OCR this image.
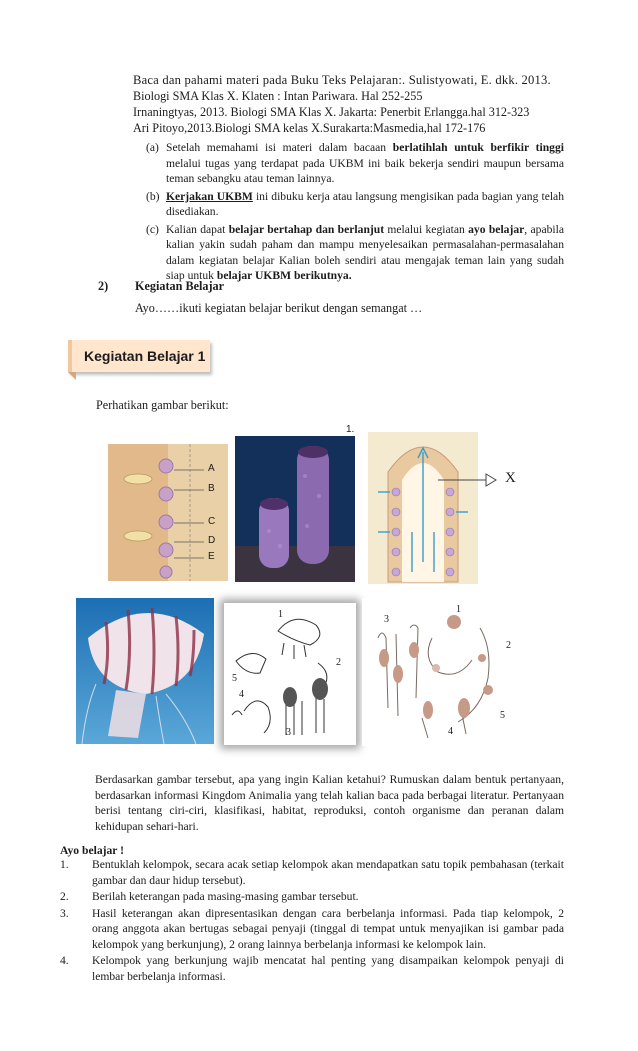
Baca dan pahami materi pada Buku Teks Pelajaran:. Sulistyowati, E. dkk. 2013.
Biologi SMA Klas X. Klaten : Intan Pariwara. Hal 252-255
Irnaningtyas, 2013. Biologi SMA Klas X. Jakarta: Penerbit Erlangga.hal 312-323
Ari Pitoyo,2013.Biologi SMA kelas X.Surakarta:Masmedia,hal 172-176
(a) Setelah memahami isi materi dalam bacaan berlatihlah untuk berfikir tinggi melalui tugas yang terdapat pada UKBM ini baik bekerja sendiri maupun bersama teman sebangku atau teman lainnya.
(b) Kerjakan UKBM ini dibuku kerja atau langsung mengisikan pada bagian yang telah disediakan.
(c) Kalian dapat belajar bertahap dan berlanjut melalui kegiatan ayo belajar, apabila kalian yakin sudah paham dan mampu menyelesaikan permasalahan-permasalahan dalam kegiatan belajar Kalian boleh sendiri atau mengajak teman lain yang sudah siap untuk belajar UKBM berikutnya.
2) Kegiatan Belajar
Ayo……ikuti kegiatan belajar berikut dengan semangat …
Kegiatan Belajar 1
Perhatikan gambar berikut:
1.
A
B
C
D
E
X
1
2
3
4
5
1
2
3
4
5
Berdasarkan gambar tersebut, apa yang ingin Kalian ketahui? Rumuskan dalam bentuk pertanyaan, berdasarkan informasi Kingdom Animalia yang telah kalian baca pada berbagai literatur. Pertanyaan berisi tentang ciri-ciri, klasifikasi, habitat, reproduksi, contoh organisme dan peranan dalam kehidupan sehari-hari.
Ayo belajar !
1. Bentuklah kelompok, secara acak setiap kelompok akan mendapatkan satu topik pembahasan (terkait gambar dan daur hidup tersebut).
2. Berilah keterangan pada masing-masing gambar tersebut.
3. Hasil keterangan akan dipresentasikan dengan cara berbelanja informasi. Pada tiap kelompok, 2 orang anggota akan bertugas sebagai penyaji (tinggal di tempat untuk menyajikan isi gambar pada kelompok yang berkunjung), 2 orang lainnya berbelanja informasi ke kelompok lain.
4. Kelompok yang berkunjung wajib mencatat hal penting yang disampaikan kelompok penyaji di lembar berbelanja informasi.
